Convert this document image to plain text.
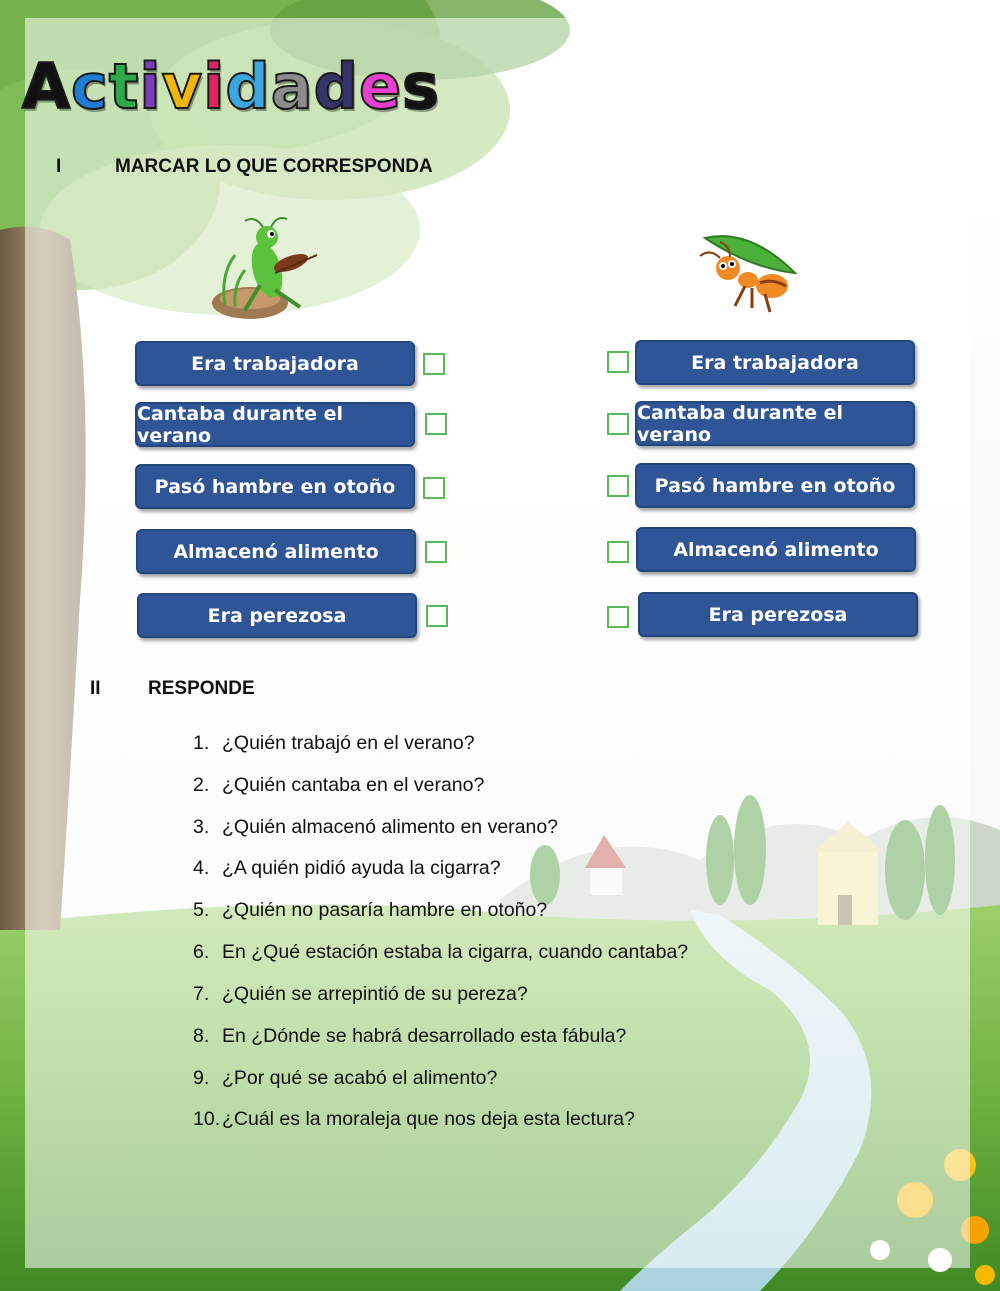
Actividades
I	MARCAR LO QUE CORRESPONDA
Era trabajadora
Cantaba durante el verano
Pasó hambre en otoño
Almacenó alimento
Era perezosa
Era trabajadora
Cantaba durante el verano
Pasó hambre en otoño
Almacenó alimento
Era perezosa
II RESPONDE
1. ¿Quién trabajó en el verano?
2. ¿Quién cantaba en el verano?
3. ¿Quién almacenó alimento en verano?
4. ¿A quién pidió ayuda la cigarra?
5. ¿Quién no pasaría hambre en otoño?
6. En ¿Qué estación estaba la cigarra, cuando cantaba?
7. ¿Quién se arrepintió de su pereza?
8. En ¿Dónde se habrá desarrollado esta fábula?
9. ¿Por qué se acabó el alimento?
10.¿Cuál es la moraleja que nos deja esta lectura?
